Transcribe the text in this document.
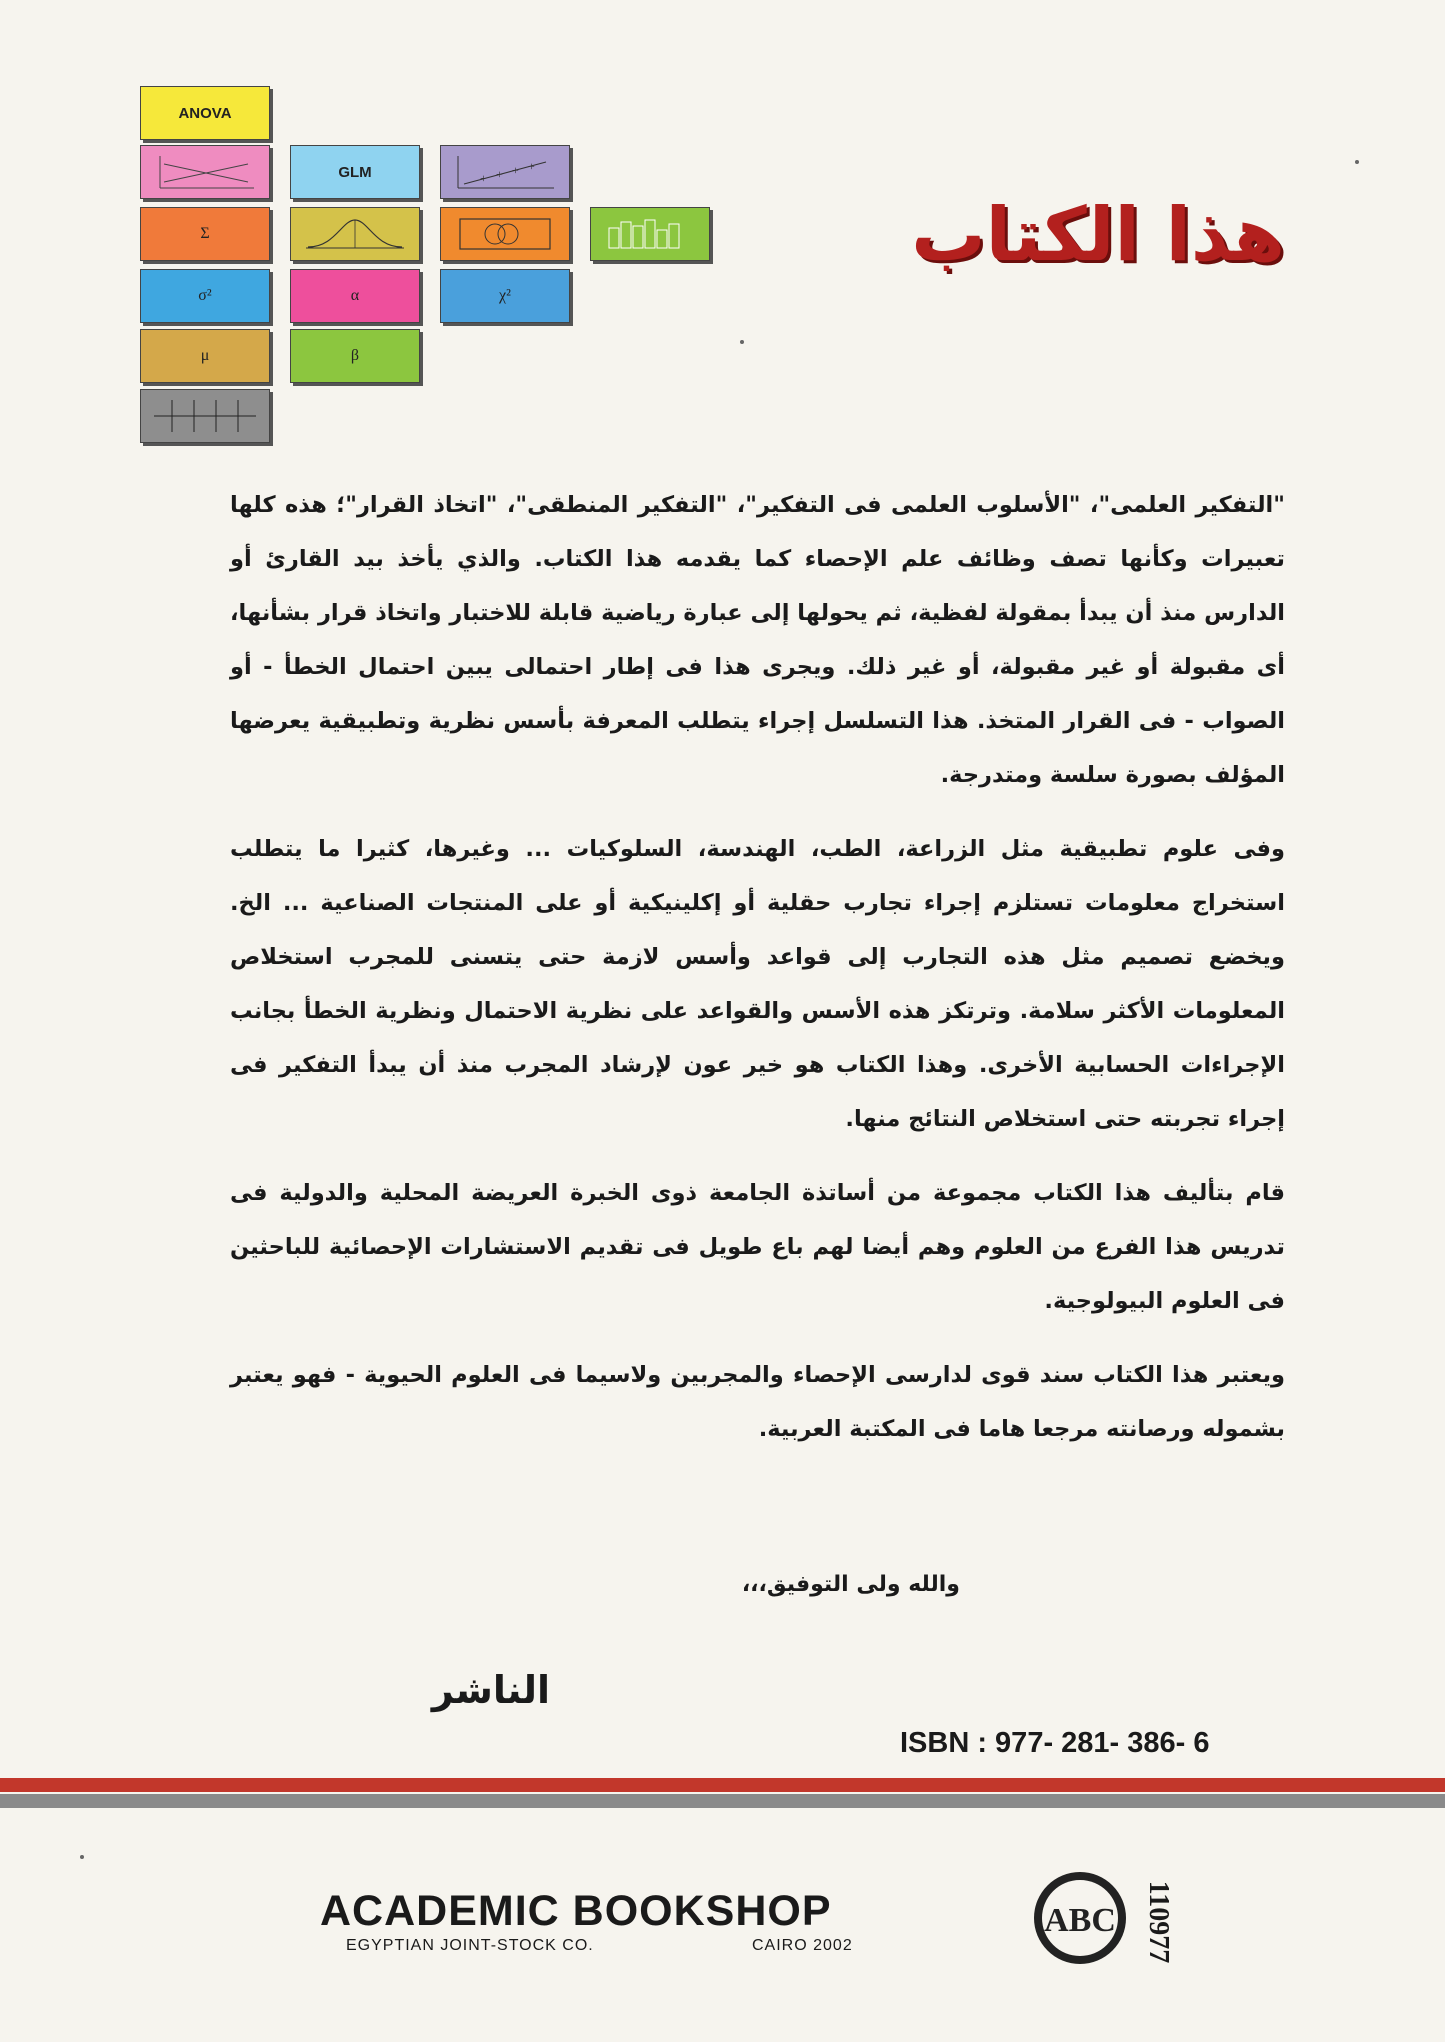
ANOVA
GLM	+ + + +
Σ
σ²	α	χ²
μ	β
هذا الكتاب

"التفكير العلمى"، "الأسلوب العلمى فى التفكير"، "التفكير المنطقى"، "اتخاذ القرار"؛ هذه كلها تعبيرات وكأنها تصف وظائف علم الإحصاء كما يقدمه هذا الكتاب. والذي يأخذ بيد القارئ أو الدارس منذ أن يبدأ بمقولة لفظية، ثم يحولها إلى عبارة رياضية قابلة للاختبار واتخاذ قرار بشأنها، أى مقبولة أو غير مقبولة، أو غير ذلك. ويجرى هذا فى إطار احتمالى يبين احتمال الخطأ - أو الصواب - فى القرار المتخذ. هذا التسلسل إجراء يتطلب المعرفة بأسس نظرية وتطبيقية يعرضها المؤلف بصورة سلسة ومتدرجة.

وفى علوم تطبيقية مثل الزراعة، الطب، الهندسة، السلوكيات ... وغيرها، كثيرا ما يتطلب استخراج معلومات تستلزم إجراء تجارب حقلية أو إكلينيكية أو على المنتجات الصناعية ... الخ. ويخضع تصميم مثل هذه التجارب إلى قواعد وأسس لازمة حتى يتسنى للمجرب استخلاص المعلومات الأكثر سلامة. وترتكز هذه الأسس والقواعد على نظرية الاحتمال ونظرية الخطأ بجانب الإجراءات الحسابية الأخرى. وهذا الكتاب هو خير عون لإرشاد المجرب منذ أن يبدأ التفكير فى إجراء تجربته حتى استخلاص النتائج منها.

قام بتأليف هذا الكتاب مجموعة من أساتذة الجامعة ذوى الخبرة العريضة المحلية والدولية فى تدريس هذا الفرع من العلوم وهم أيضا لهم باع طويل فى تقديم الاستشارات الإحصائية للباحثين فى العلوم البيولوجية.

ويعتبر هذا الكتاب سند قوى لدارسى الإحصاء والمجربين ولاسيما فى العلوم الحيوية - فهو يعتبر بشموله ورصانته مرجعا هاما فى المكتبة العربية.

والله ولى التوفيق،،،
الناشر
ISBN : 977- 281- 386- 6
ACADEMIC BOOKSHOP
EGYPTIAN JOINT-STOCK CO.	CAIRO 2002
ABC 110977
